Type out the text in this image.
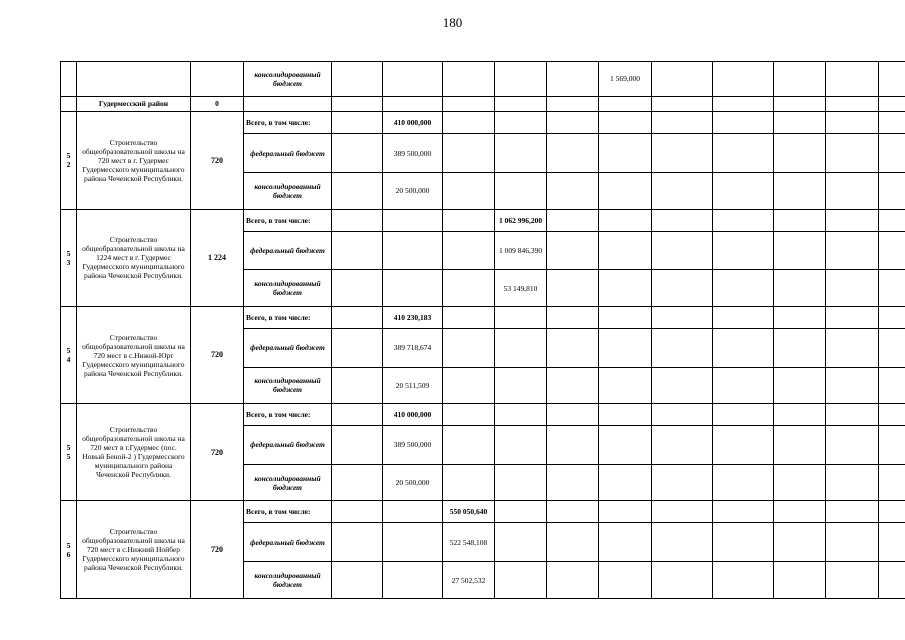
180
			консолидированный бюджет						1 569,000					
	Гудермесский район	0												
5
2	Строительство общеобразовательной школы на 720 мест в г. Гудермес Гудермесского муниципального района Чеченской Республики.	720	Всего, в том числе:		410 000,000									
			федеральный бюджет		389 500,000									
			консолидированный бюджет		20 500,000									
5
3	Строительство общеобразовательной школы на 1224 мест в г. Гудермес Гудермесского муниципального района Чеченской Республики.	1 224	Всего, в том числе:				1 062 996,200							
			федеральный бюджет				1 009 846,390							
			консолидированный бюджет				53 149,810							
5
4	Строительство общеобразовательной школы на 720 мест в с.Нижой-Юрт Гудермесского муниципального района Чеченской Республики.	720	Всего, в том числе:		410 230,183									
			федеральный бюджет		389 718,674									
			консолидированный бюджет		20 511,509									
5
5	Строительство общеобразовательной школы на 720 мест в г.Гудермес (пос. Новый Беной-2 ) Гудермесского муниципального района Чеченской Республики.	720	Всего, в том числе:		410 000,000									
			федеральный бюджет		389 500,000									
			консолидированный бюджет		20 500,000									
5
6	Строительство общеобразовательной школы на 720 мест в с.Нижний Нойбер Гудермесского муниципального района Чеченской Республики.	720	Всего, в том числе:			550 050,640								
			федеральный бюджет			522 548,108								
			консолидированный бюджет			27 502,532								
